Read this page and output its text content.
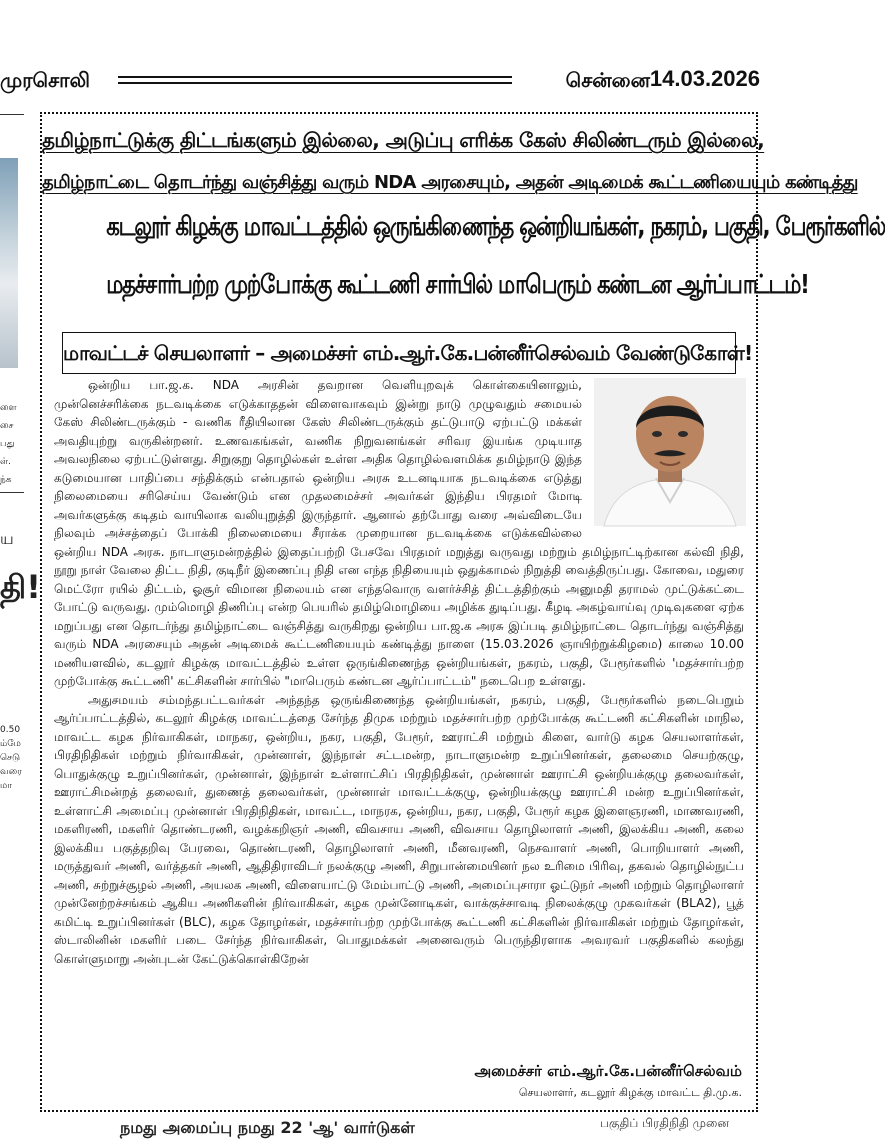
முரசொலி	சென்னை 14.03.2026
ளை
சை
பது
ள்.
ந்க
ய
தி!
0.50
ம்மே
செடு
வரை
மா
தமிழ்நாட்டுக்கு திட்டங்களும் இல்லை, அடுப்பு எரிக்க கேஸ் சிலிண்டரும் இல்லை,
தமிழ்நாட்டை தொடர்ந்து வஞ்சித்து வரும் NDA அரசையும், அதன் அடிமைக் கூட்டணியையும் கண்டித்து
கடலூர் கிழக்கு மாவட்டத்தில் ஒருங்கிணைந்த ஒன்றியங்கள், நகரம், பகுதி, பேரூர்களில்
மதச்சார்பற்ற முற்போக்கு கூட்டணி சார்பில் மாபெரும் கண்டன ஆர்ப்பாட்டம்!
மாவட்டச் செயலாளர் – அமைச்சர் எம்.ஆர்.கே.பன்னீர்செல்வம் வேண்டுகோள்!

ஒன்றிய பா.ஜ.க. NDA அரசின் தவறான வெளியுறவுக் கொள்கையினாலும், முன்னெச்சரிக்கை நடவடிக்கை எடுக்காததன் விளைவாகவும் இன்று நாடு முழுவதும் சமையல் கேஸ் சிலிண்டருக்கும் - வணிக ரீதியிலான கேஸ் சிலிண்டருக்கும் தட்டுபாடு ஏற்பட்டு மக்கள் அவதியுற்று வருகின்றனர். உணவகங்கள், வணிக நிறுவனங்கள் சரிவர இயங்க முடியாத அவலநிலை ஏற்பட்டுள்ளது. சிறுகுறு தொழில்கள் உள்ள அதிக தொழில்வளமிக்க தமிழ்நாடு இந்த கடுமையான பாதிப்பை சந்திக்கும் என்பதால் ஒன்றிய அரசு உடனடியாக நடவடிக்கை எடுத்து நிலைமையை சரிசெய்ய வேண்டும் என முதலமைச்சர் அவர்கள் இந்திய பிரதமர் மோடி அவர்களுக்கு கடிதம் வாயிலாக வலியுறுத்தி இருந்தார். ஆனால் தற்போது வரை அவ்விடையே நிலவும் அச்சத்தைப் போக்கி நிலைமையை சீராக்க முறையான நடவடிக்கை எடுக்கவில்லை ஒன்றிய NDA அரசு. நாடாளுமன்றத்தில் இதைப்பற்றி பேசவே பிரதமர் மறுத்து வருவது மற்றும் தமிழ்நாட்டிற்கான கல்வி நிதி, நூறு நாள் வேலை திட்ட நிதி, குடிநீர் இணைப்பு நிதி என எந்த நிதியையும் ஒதுக்காமல் நிறுத்தி வைத்திருப்பது. கோவை, மதுரை மெட்ரோ ரயில் திட்டம், ஓசூர் விமான நிலையம் என எந்தவொரு வளர்ச்சித் திட்டத்திற்கும் அனுமதி தராமல் முட்டுக்கட்டை போட்டு வருவது. மும்மொழி திணிப்பு என்ற பெயரில் தமிழ்மொழியை அழிக்க துடிப்பது. கீழடி அகழ்வாய்வு முடிவுகளை ஏற்க மறுப்பது என தொடர்ந்து தமிழ்நாட்டை வஞ்சித்து வருகிறது ஒன்றிய பா.ஜ.க அரசு இப்படி தமிழ்நாட்டை தொடர்ந்து வஞ்சித்து வரும் NDA அரசையும் அதன் அடிமைக் கூட்டணியையும் கண்டித்து நாளை (15.03.2026 ஞாயிற்றுக்கிழமை) காலை 10.00 மணியளவில், கடலூர் கிழக்கு மாவட்டத்தில் உள்ள ஒருங்கிணைந்த ஒன்றியங்கள், நகரம், பகுதி, பேரூர்களில் 'மதச்சார்பற்ற முற்போக்கு கூட்டணி' கட்சிகளின் சார்பில் "மாபெரும் கண்டன ஆர்ப்பாட்டம்" நடைபெற உள்ளது.

அதுசமயம் சம்மந்தபட்டவர்கள் அந்தந்த ஒருங்கிணைந்த ஒன்றியங்கள், நகரம், பகுதி, பேரூர்களில் நடைபெறும் ஆர்ப்பாட்டத்தில், கடலூர் கிழக்கு மாவட்டத்தை சேர்ந்த திமுக மற்றும் மதச்சார்பற்ற முற்போக்கு கூட்டணி கட்சிகளின் மாநில, மாவட்ட கழக நிர்வாகிகள், மாநகர, ஒன்றிய, நகர, பகுதி, பேரூர், ஊராட்சி மற்றும் கிளை, வார்டு கழக செயலாளர்கள், பிரதிநிதிகள் மற்றும் நிர்வாகிகள், முன்னாள், இந்நாள் சட்டமன்ற, நாடாளுமன்ற உறுப்பினர்கள், தலைமை செயற்குழு, பொதுக்குழு உறுப்பினர்கள், முன்னாள், இந்நாள் உள்ளாட்சிப் பிரதிநிதிகள், முன்னாள் ஊராட்சி ஒன்றியக்குழு தலைவர்கள், ஊராட்சிமன்றத் தலைவர், துணைத் தலைவர்கள், முன்னாள் மாவட்டக்குழு, ஒன்றியக்குழு ஊராட்சி மன்ற உறுப்பினர்கள், உள்ளாட்சி அமைப்பு முன்னாள் பிரதிநிதிகள், மாவட்ட, மாநரக, ஒன்றிய, நகர, பகுதி, பேரூர் கழக இளைஞரணி, மாணவரணி, மகளிரணி, மகளிர் தொண்டரணி, வழக்கறிஞர் அணி, விவசாய அணி, விவசாய தொழிலாளர் அணி, இலக்கிய அணி, கலை இலக்கிய பகுத்தறிவு பேரவை, தொண்டரணி, தொழிலாளர் அணி, மீனவரணி, நெசவாளர் அணி, பொறியாளர் அணி, மருத்துவர் அணி, வர்த்தகர் அணி, ஆதிதிராவிடர் நலக்குழு அணி, சிறுபான்மையினர் நல உரிமை பிரிவு, தகவல் தொழில்நுட்ப அணி, சுற்றுச்சூழல் அணி, அயலக அணி, விளையாட்டு மேம்பாட்டு அணி, அமைப்புசாரா ஓட்டுநர் அணி மற்றும் தொழிலாளர் முன்னேற்றச்சங்கம் ஆகிய அணிகளின் நிர்வாகிகள், கழக முன்னோடிகள், வாக்குச்சாவடி நிலைக்குழு முகவர்கள் (BLA2), பூத் கமிட்டி உறுப்பினர்கள் (BLC), கழக தோழர்கள், மதச்சார்பற்ற முற்போக்கு கூட்டணி கட்சிகளின் நிர்வாகிகள் மற்றும் தோழர்கள், ஸ்டாலினின் மகளிர் படை சேர்ந்த நிர்வாகிகள், பொதுமக்கள் அனைவரும் பெருந்திரளாக அவரவர் பகுதிகளில் கலந்து கொள்ளுமாறு அன்புடன் கேட்டுக்கொள்கிறேன்

அமைச்சர் எம்.ஆர்.கே.பன்னீர்செல்வம்
செயலாளர், கடலூர் கிழக்கு மாவட்ட தி.மு.க.
நமது அமைப்பு நமது 22 'ஆ' வார்டுகள்	பகுதிப் பிரதிநிதி முனை
